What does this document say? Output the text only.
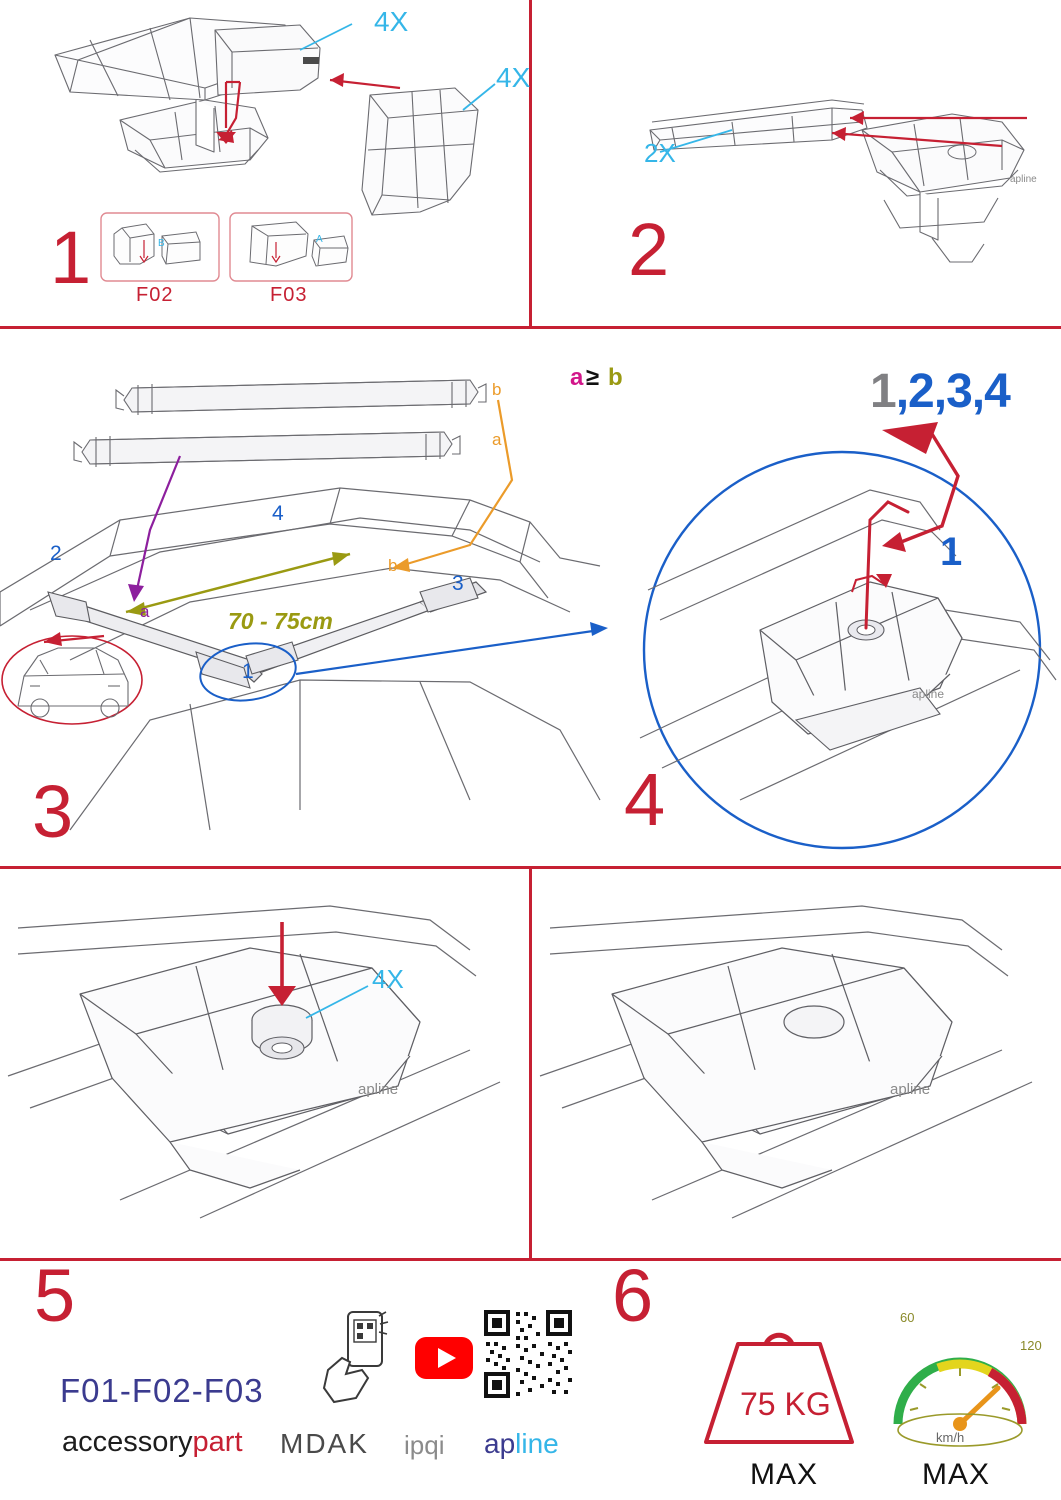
4X
4X
B	A
F02	F03
1
apline
2X
2
b
a
a
b
70 - 75cm
1
2
3
4
3
a ≥ b
apline
1,2,3,4
1
4
apline
4X
apline
5
F01-F02-F03
accessorypart MDAK ipqi apline
6
75 KG
MAX
60
120
km/h
MAX
